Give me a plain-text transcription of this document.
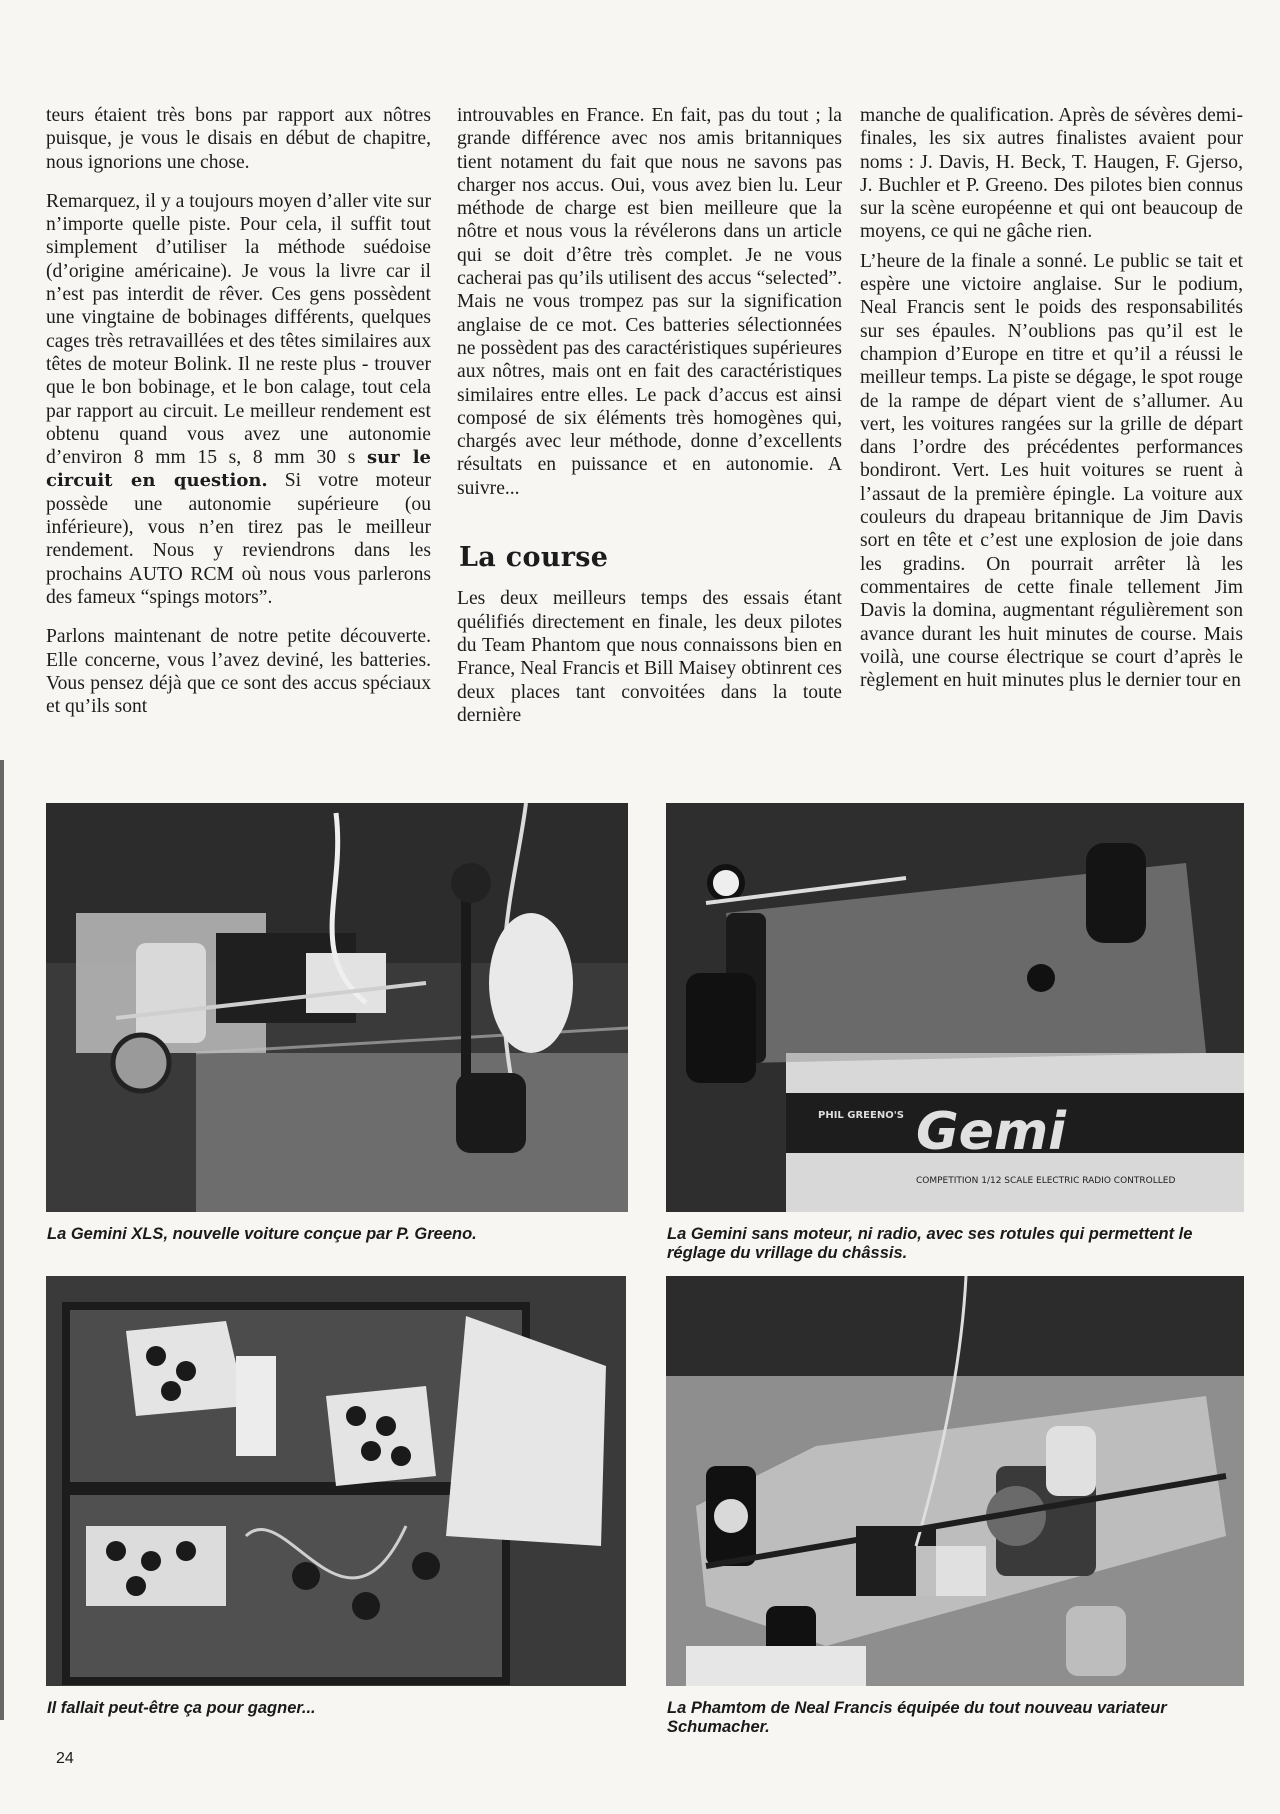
teurs étaient très bons par rapport aux nôtres puisque, je vous le disais en début de chapitre, nous ignorions une chose.

Remarquez, il y a toujours moyen d’aller vite sur n’importe quelle piste. Pour cela, il suffit tout simplement d’utiliser la méthode suédoise (d’origine américaine). Je vous la livre car il n’est pas interdit de rêver. Ces gens possèdent une vingtaine de bobinages différents, quelques cages très retravaillées et des têtes similaires aux têtes de moteur Bolink. Il ne reste plus - trouver que le bon bobinage, et le bon calage, tout cela par rapport au circuit. Le meilleur rendement est obtenu quand vous avez une autonomie d’environ 8 mm 15 s, 8 mm 30 s sur le circuit en question. Si votre moteur possède une autonomie supérieure (ou inférieure), vous n’en tirez pas le meilleur rendement. Nous y reviendrons dans les prochains AUTO RCM où nous vous parlerons des fameux “spings motors”.

Parlons maintenant de notre petite découverte. Elle concerne, vous l’avez deviné, les batteries. Vous pensez déjà que ce sont des accus spéciaux et qu’ils sont

introuvables en France. En fait, pas du tout ; la grande différence avec nos amis britanniques tient notament du fait que nous ne savons pas charger nos accus. Oui, vous avez bien lu. Leur méthode de charge est bien meilleure que la nôtre et nous vous la révélerons dans un article qui se doit d’être très complet. Je ne vous cacherai pas qu’ils utilisent des accus “selected”. Mais ne vous trompez pas sur la signification anglaise de ce mot. Ces batteries sélectionnées ne possèdent pas des caractéristiques supérieures aux nôtres, mais ont en fait des caractéristiques similaires entre elles. Le pack d’accus est ainsi composé de six éléments très homogènes qui, chargés avec leur méthode, donne d’excellents résultats en puissance et en autonomie. A suivre...

La course

Les deux meilleurs temps des essais étant quélifiés directement en finale, les deux pilotes du Team Phantom que nous connaissons bien en France, Neal Francis et Bill Maisey obtinrent ces deux places tant convoitées dans la toute dernière

manche de qualification. Après de sévères demi-finales, les six autres finalistes avaient pour noms : J. Davis, H. Beck, T. Haugen, F. Gjerso, J. Buchler et P. Greeno. Des pilotes bien connus sur la scène européenne et qui ont beaucoup de moyens, ce qui ne gâche rien.

L’heure de la finale a sonné. Le public se tait et espère une victoire anglaise. Sur le podium, Neal Francis sent le poids des responsabilités sur ses épaules. N’oublions pas qu’il est le champion d’Europe en titre et qu’il a réussi le meilleur temps. La piste se dégage, le spot rouge de la rampe de départ vient de s’allumer. Au vert, les voitures rangées sur la grille de départ dans l’ordre des précédentes performances bondiront. Vert. Les huit voitures se ruent à l’assaut de la première épingle. La voiture aux couleurs du drapeau britannique de Jim Davis sort en tête et c’est une explosion de joie dans les gradins. On pourrait arrêter là les commentaires de cette finale tellement Jim Davis la domina, augmentant régulièrement son avance durant les huit minutes de course. Mais voilà, une course électrique se court d’après le règlement en huit minutes plus le dernier tour en

PHIL GREENO'S Gemi
COMPETITION 1/12 SCALE ELECTRIC RADIO CONTROLLED
La Gemini XLS, nouvelle voiture conçue par P. Greeno.	La Gemini sans moteur, ni radio, avec ses rotules qui permettent le réglage du vrillage du châssis.
Il fallait peut-être ça pour gagner...	La Phamtom de Neal Francis équipée du tout nouveau variateur Schumacher.
24
